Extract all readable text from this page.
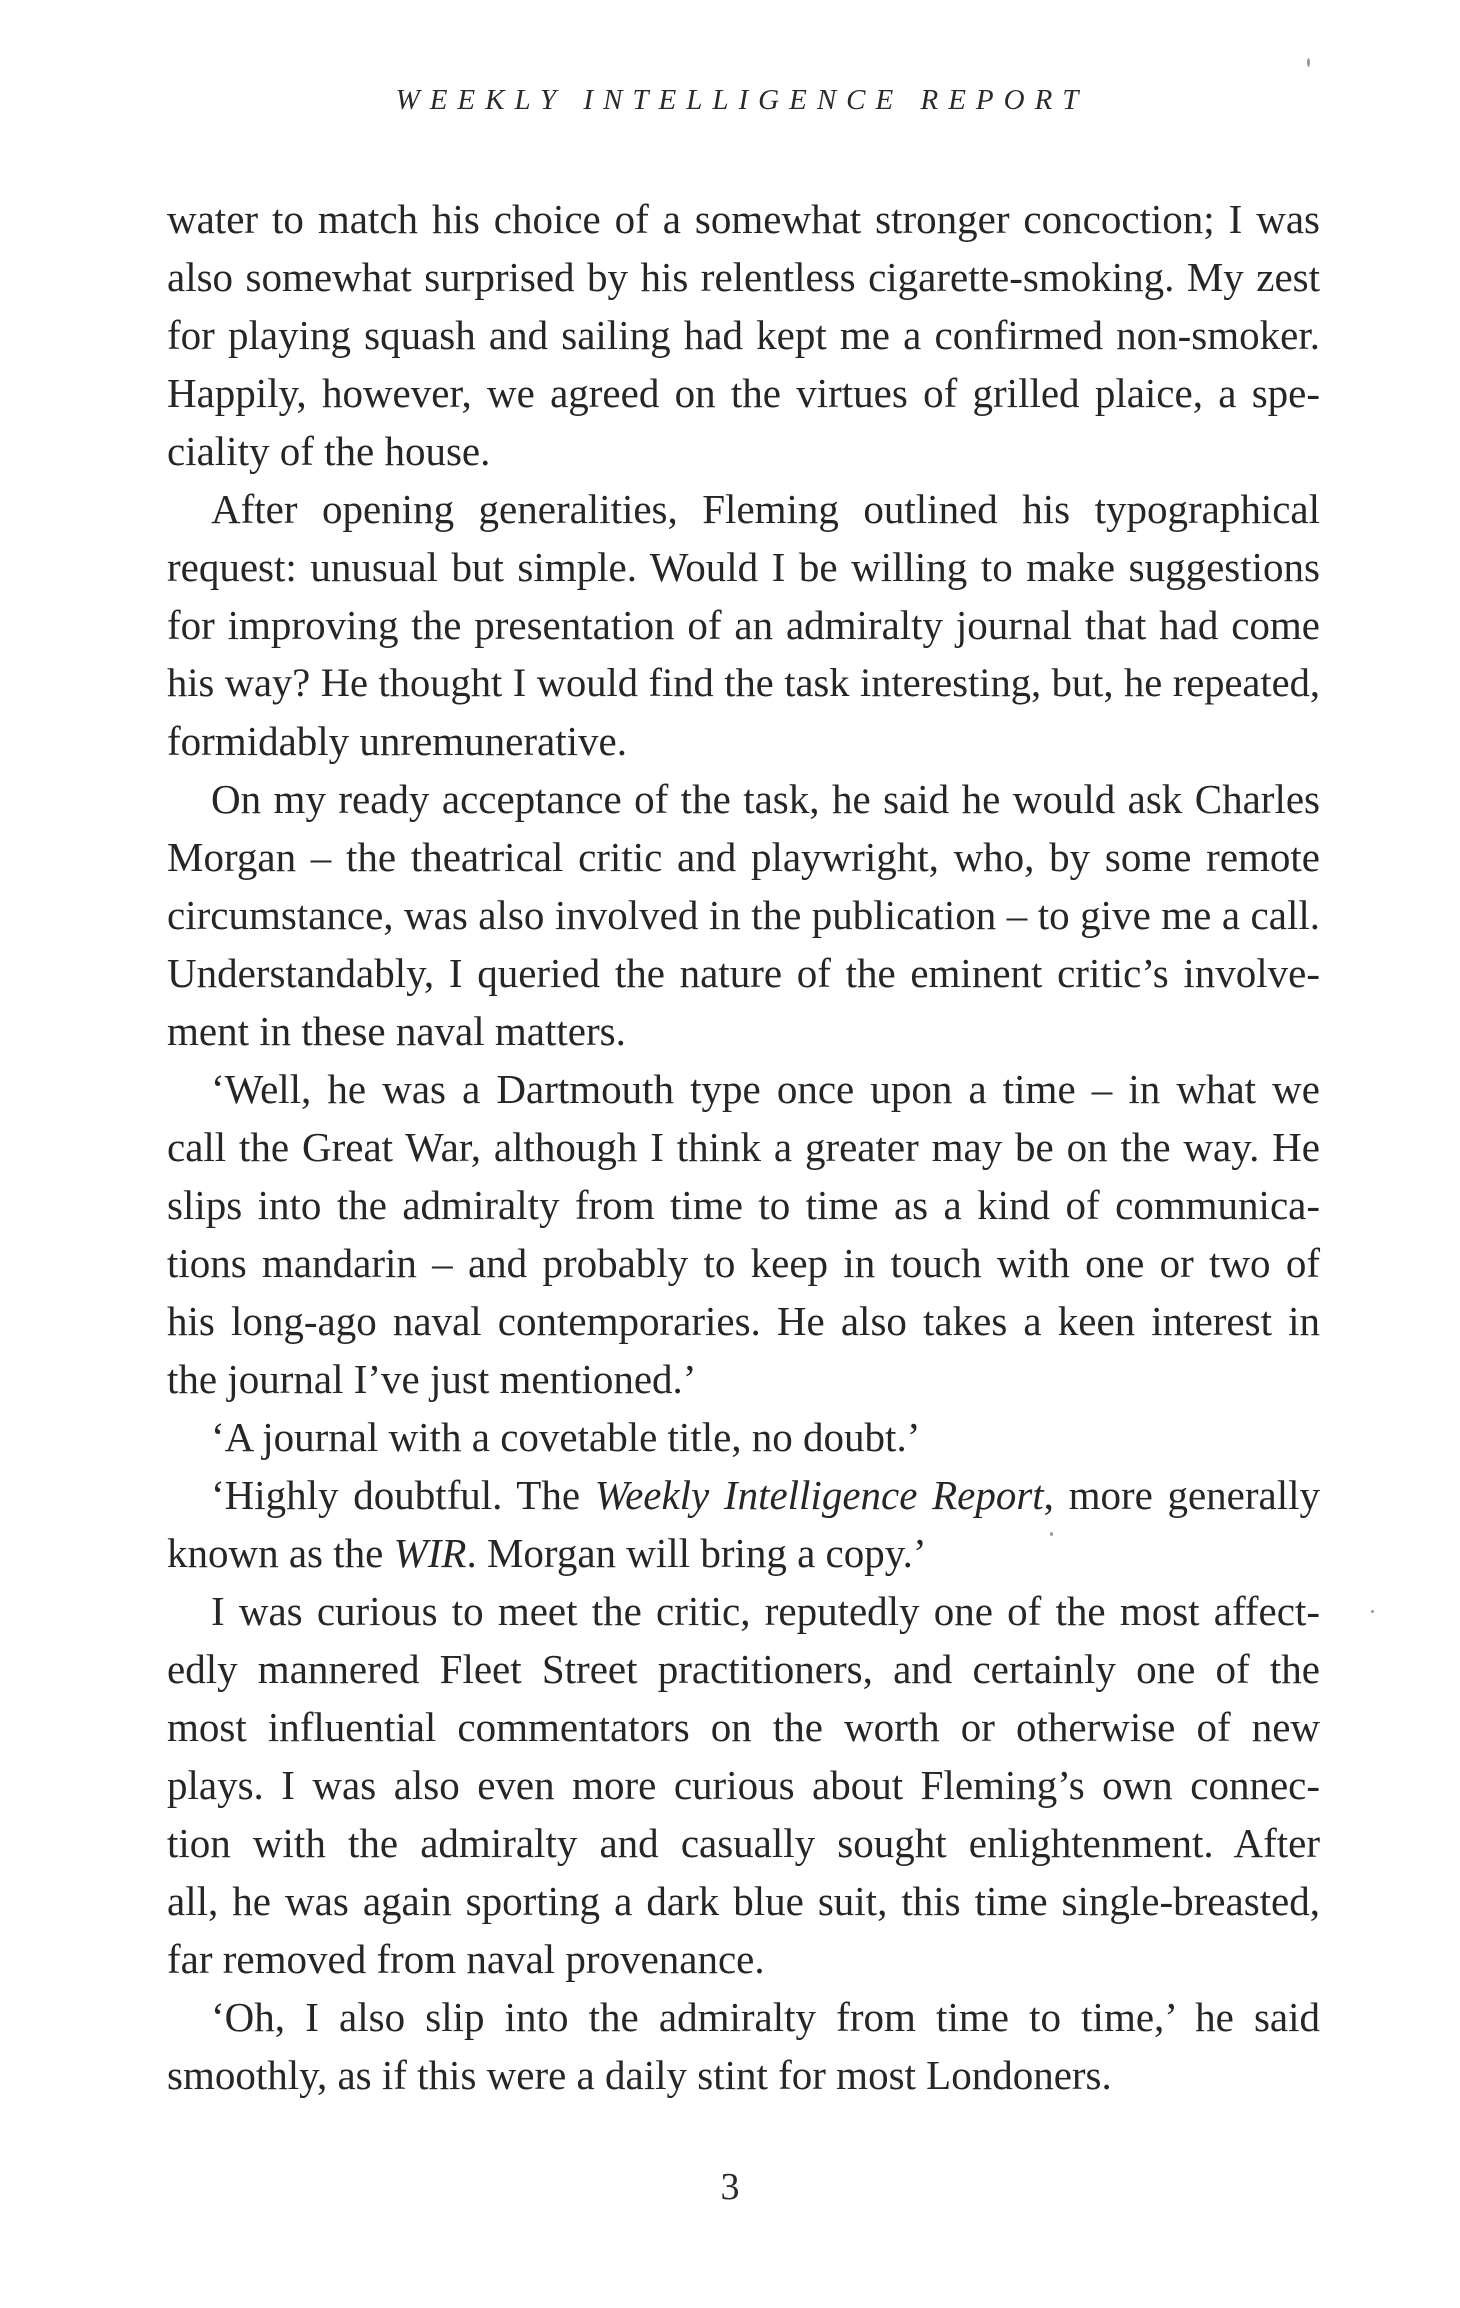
WEEKLY INTELLIGENCE REPORT
water to match his choice of a somewhat stronger concoction; I was
also somewhat surprised by his relentless cigarette-smoking. My zest
for playing squash and sailing had kept me a confirmed non-smoker.
Happily, however, we agreed on the virtues of grilled plaice, a spe-
ciality of the house.
After opening generalities, Fleming outlined his typographical
request: unusual but simple. Would I be willing to make suggestions
for improving the presentation of an admiralty journal that had come
his way? He thought I would find the task interesting, but, he repeated,
formidably unremunerative.
On my ready acceptance of the task, he said he would ask Charles
Morgan – the theatrical critic and playwright, who, by some remote
circumstance, was also involved in the publication – to give me a call.
Understandably, I queried the nature of the eminent critic’s involve-
ment in these naval matters.
‘Well, he was a Dartmouth type once upon a time – in what we
call the Great War, although I think a greater may be on the way. He
slips into the admiralty from time to time as a kind of communica-
tions mandarin – and probably to keep in touch with one or two of
his long-ago naval contemporaries. He also takes a keen interest in
the journal I’ve just mentioned.’
‘A journal with a covetable title, no doubt.’
‘Highly doubtful. The Weekly Intelligence Report, more generally
known as the WIR. Morgan will bring a copy.’
I was curious to meet the critic, reputedly one of the most affect-
edly mannered Fleet Street practitioners, and certainly one of the
most influential commentators on the worth or otherwise of new
plays. I was also even more curious about Fleming’s own connec-
tion with the admiralty and casually sought enlightenment. After
all, he was again sporting a dark blue suit, this time single-breasted,
far removed from naval provenance.
‘Oh, I also slip into the admiralty from time to time,’ he said
smoothly, as if this were a daily stint for most Londoners.
3
